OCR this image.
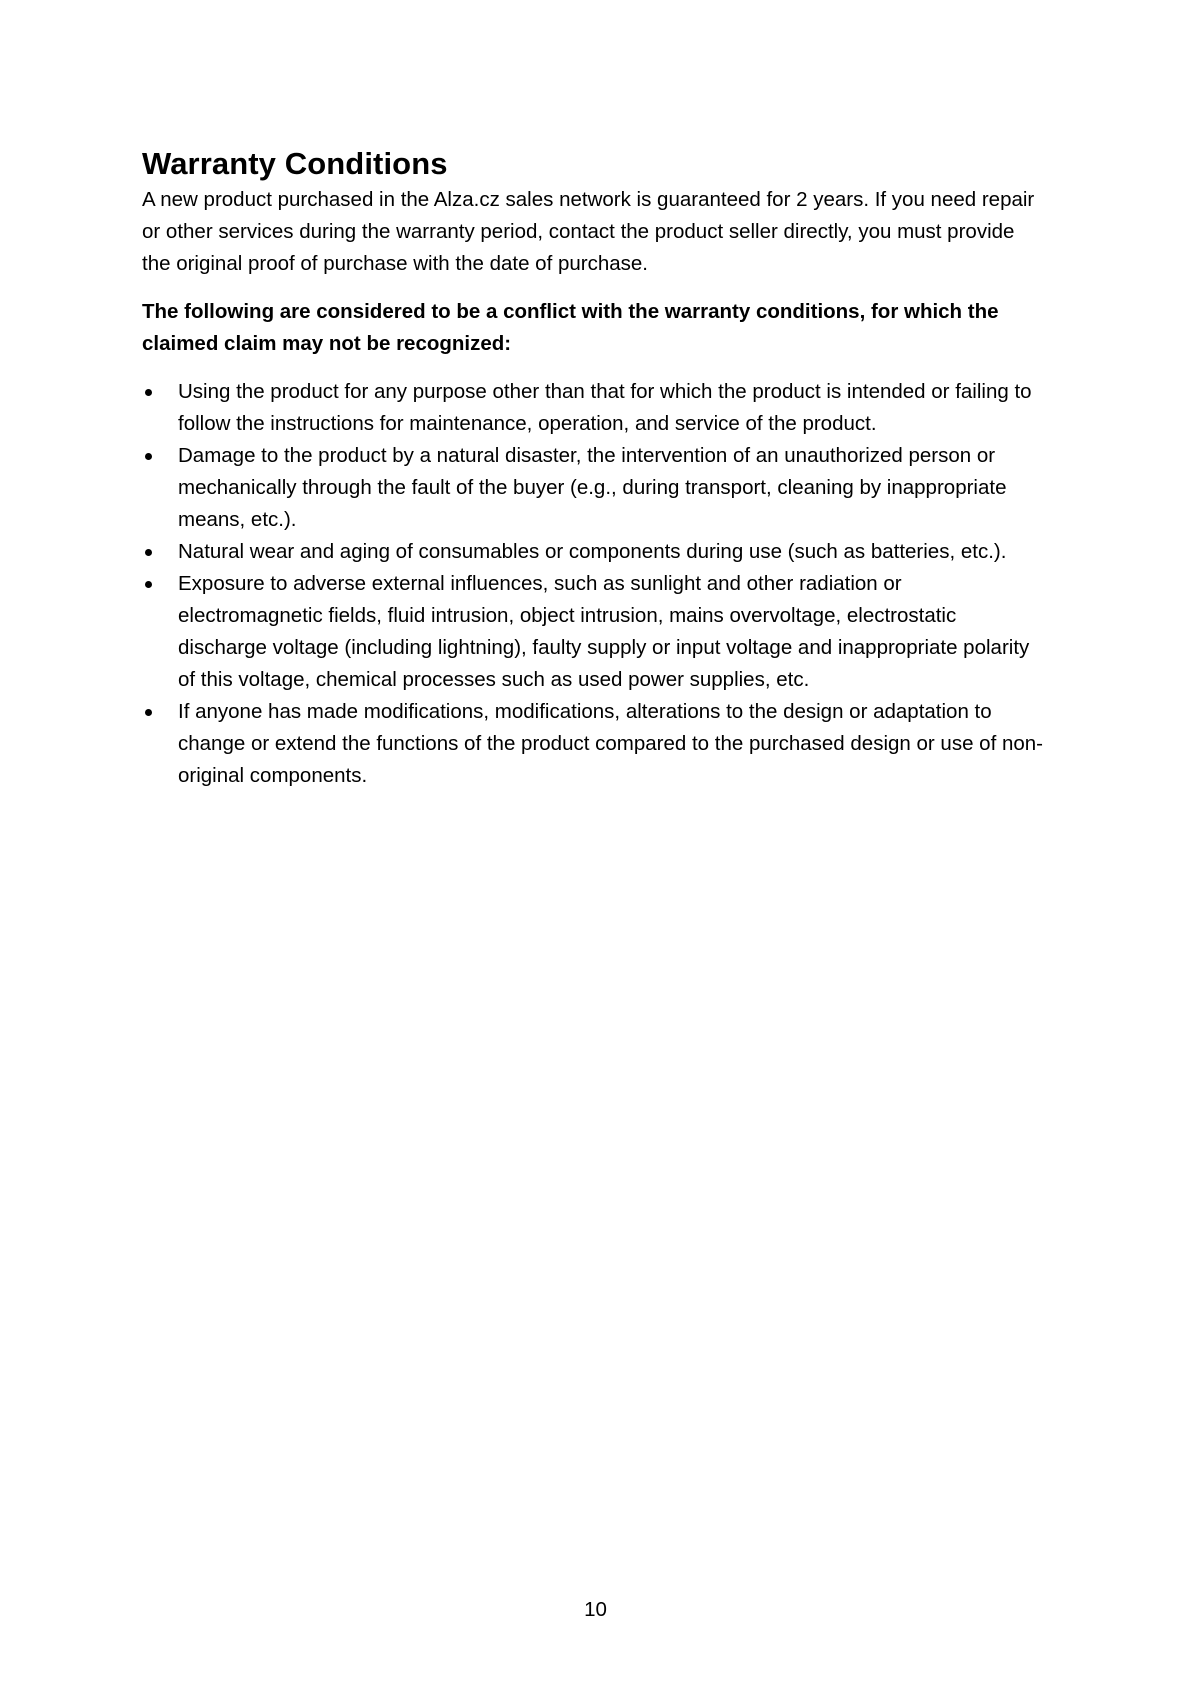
Warranty Conditions

A new product purchased in the Alza.cz sales network is guaranteed for 2 years. If you need repair or other services during the warranty period, contact the product seller directly, you must provide the original proof of purchase with the date of purchase.

The following are considered to be a conflict with the warranty conditions, for which the claimed claim may not be recognized:

Using the product for any purpose other than that for which the product is intended or failing to follow the instructions for maintenance, operation, and service of the product.
Damage to the product by a natural disaster, the intervention of an unauthorized person or mechanically through the fault of the buyer (e.g., during transport, cleaning by inappropriate means, etc.).
Natural wear and aging of consumables or components during use (such as batteries, etc.).
Exposure to adverse external influences, such as sunlight and other radiation or electromagnetic fields, fluid intrusion, object intrusion, mains overvoltage, electrostatic discharge voltage (including lightning), faulty supply or input voltage and inappropriate polarity of this voltage, chemical processes such as used power supplies, etc.
If anyone has made modifications, modifications, alterations to the design or adaptation to change or extend the functions of the product compared to the purchased design or use of non-original components.
10
